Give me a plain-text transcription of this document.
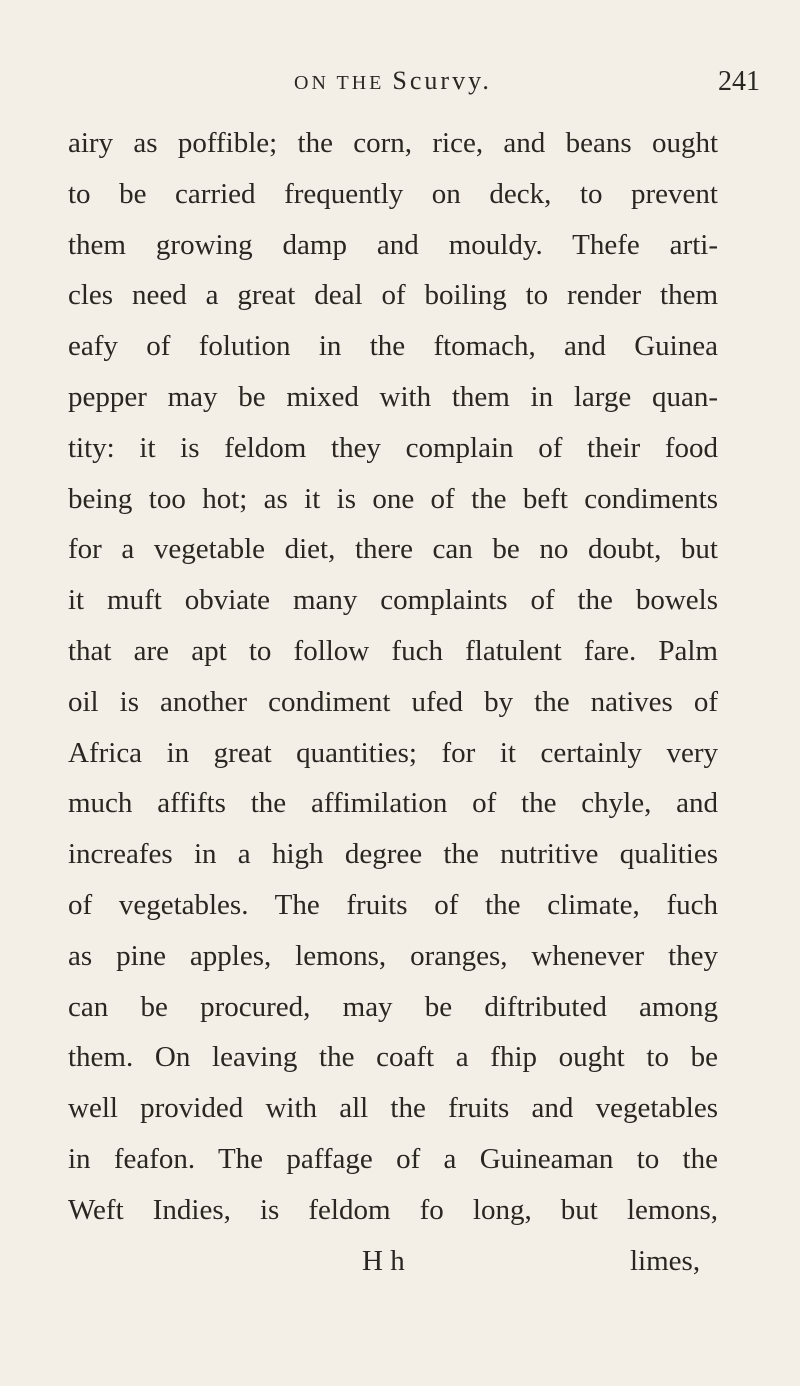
ON THE Scurvy.	241
airy as poffible; the corn, rice, and beans ought
to be carried frequently on deck, to prevent
them growing damp and mouldy. Thefe arti-
cles need a great deal of boiling to render them
eafy of folution in the ftomach, and Guinea
pepper may be mixed with them in large quan-
tity: it is feldom they complain of their food
being too hot; as it is one of the beft condiments
for a vegetable diet, there can be no doubt, but
it muft obviate many complaints of the bowels
that are apt to follow fuch flatulent fare. Palm
oil is another condiment ufed by the natives of
Africa in great quantities; for it certainly very
much affifts the affimilation of the chyle, and
increafes in a high degree the nutritive qualities
of vegetables. The fruits of the climate, fuch
as pine apples, lemons, oranges, whenever they
can be procured, may be diftributed among
them. On leaving the coaft a fhip ought to be
well provided with all the fruits and vegetables
in feafon. The paffage of a Guineaman to the
Weft Indies, is feldom fo long, but lemons,
H h	limes,
